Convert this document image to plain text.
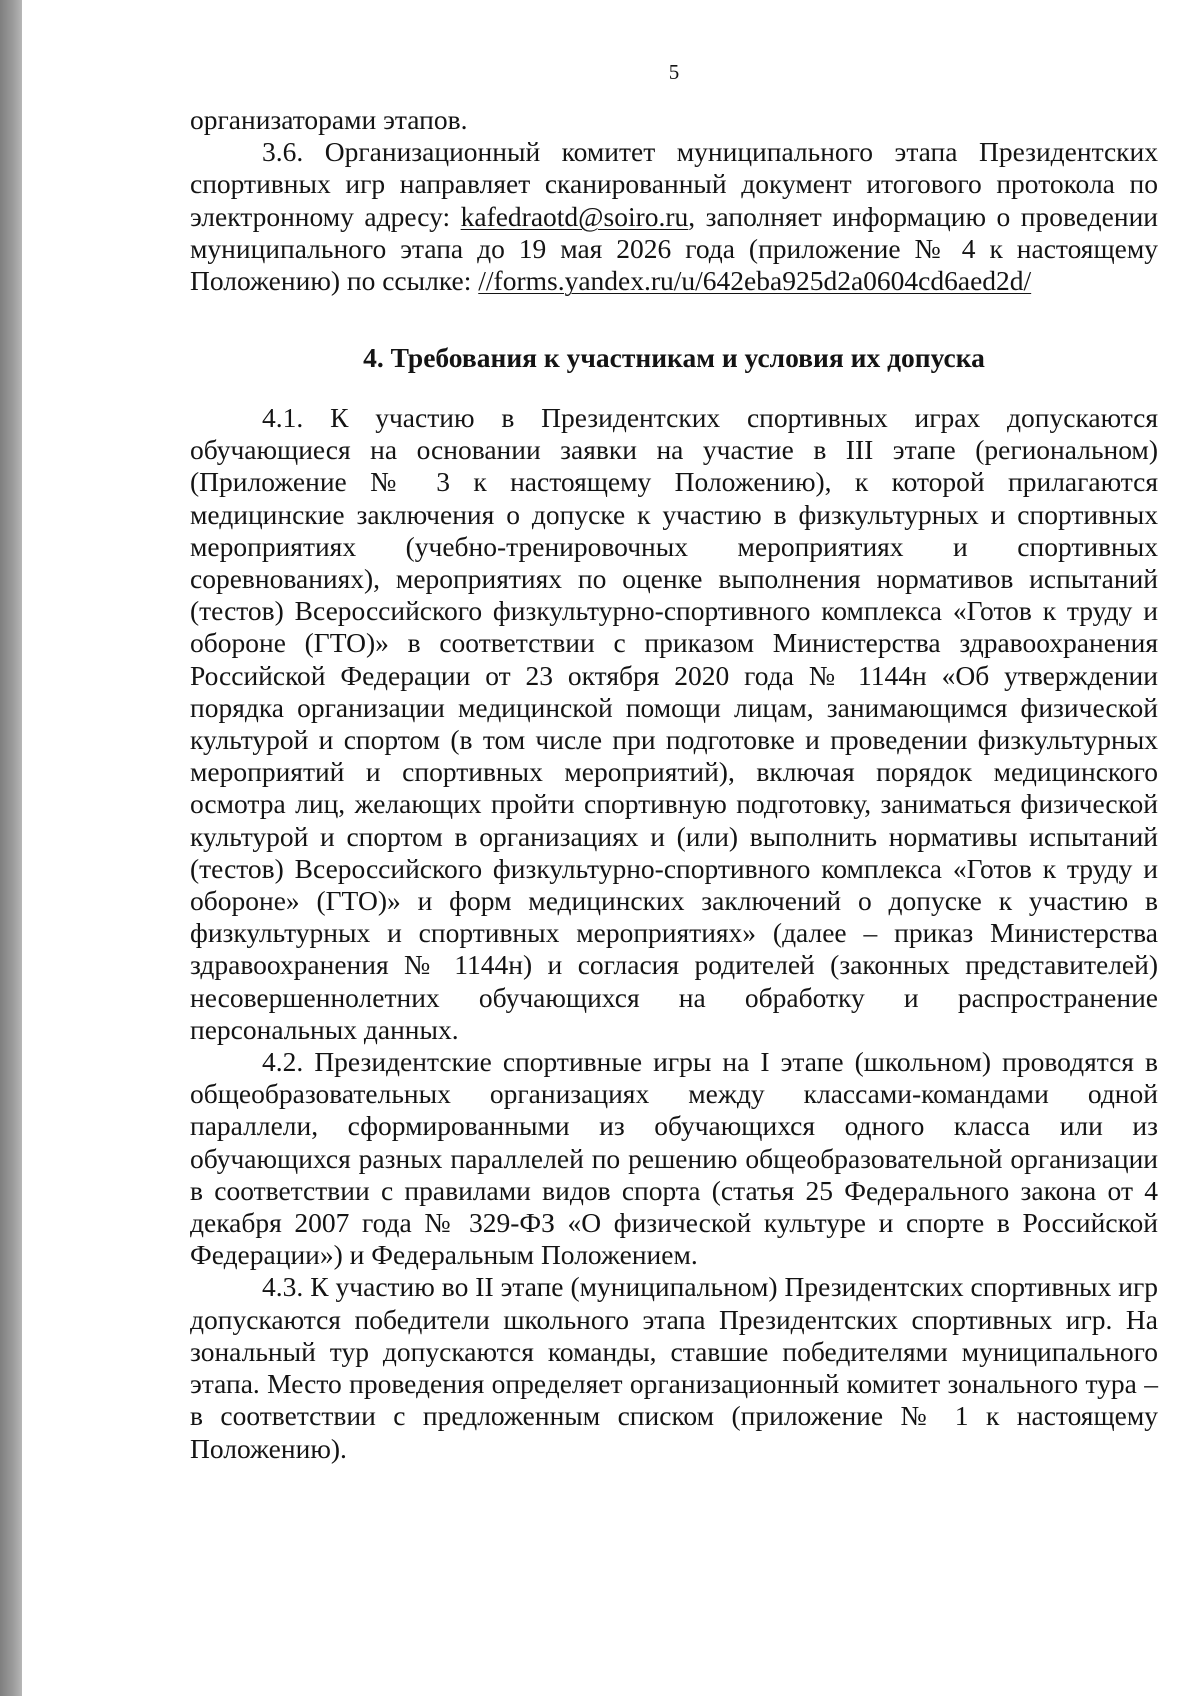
5

организаторами этапов.

3.6. Организационный комитет муниципального этапа Президентских спортивных игр направляет сканированный документ итогового протокола по электронному адресу: kafedraotd@soiro.ru, заполняет информацию о проведении муниципального этапа до 19 мая 2026 года (приложение № 4 к настоящему Положению) по ссылке: //forms.yandex.ru/u/642eba925d2a0604cd6aed2d/

4. Требования к участникам и условия их допуска

4.1. К участию в Президентских спортивных играх допускаются обучающиеся на основании заявки на участие в III этапе (региональном) (Приложение № 3 к настоящему Положению), к которой прилагаются медицинские заключения о допуске к участию в физкультурных и спортивных мероприятиях (учебно-тренировочных мероприятиях и спортивных соревнованиях), мероприятиях по оценке выполнения нормативов испытаний (тестов) Всероссийского физкультурно-спортивного комплекса «Готов к труду и обороне (ГТО)» в соответствии с приказом Министерства здравоохранения Российской Федерации от 23 октября 2020 года № 1144н «Об утверждении порядка организации медицинской помощи лицам, занимающимся физической культурой и спортом (в том числе при подготовке и проведении физкультурных мероприятий и спортивных мероприятий), включая порядок медицинского осмотра лиц, желающих пройти спортивную подготовку, заниматься физической культурой и спортом в организациях и (или) выполнить нормативы испытаний (тестов) Всероссийского физкультурно-спортивного комплекса «Готов к труду и обороне» (ГТО)» и форм медицинских заключений о допуске к участию в физкультурных и спортивных мероприятиях» (далее – приказ Министерства здравоохранения № 1144н) и согласия родителей (законных представителей) несовершеннолетних обучающихся на обработку и распространение персональных данных.

4.2. Президентские спортивные игры на I этапе (школьном) проводятся в общеобразовательных организациях между классами-командами одной параллели, сформированными из обучающихся одного класса или из обучающихся разных параллелей по решению общеобразовательной организации в соответствии с правилами видов спорта (статья 25 Федерального закона от 4 декабря 2007 года № 329-ФЗ «О физической культуре и спорте в Российской Федерации») и Федеральным Положением.

4.3. К участию во II этапе (муниципальном) Президентских спортивных игр допускаются победители школьного этапа Президентских спортивных игр. На зональный тур допускаются команды, ставшие победителями муниципального этапа. Место проведения определяет организационный комитет зонального тура – в соответствии с предложенным списком (приложение № 1 к настоящему Положению).
